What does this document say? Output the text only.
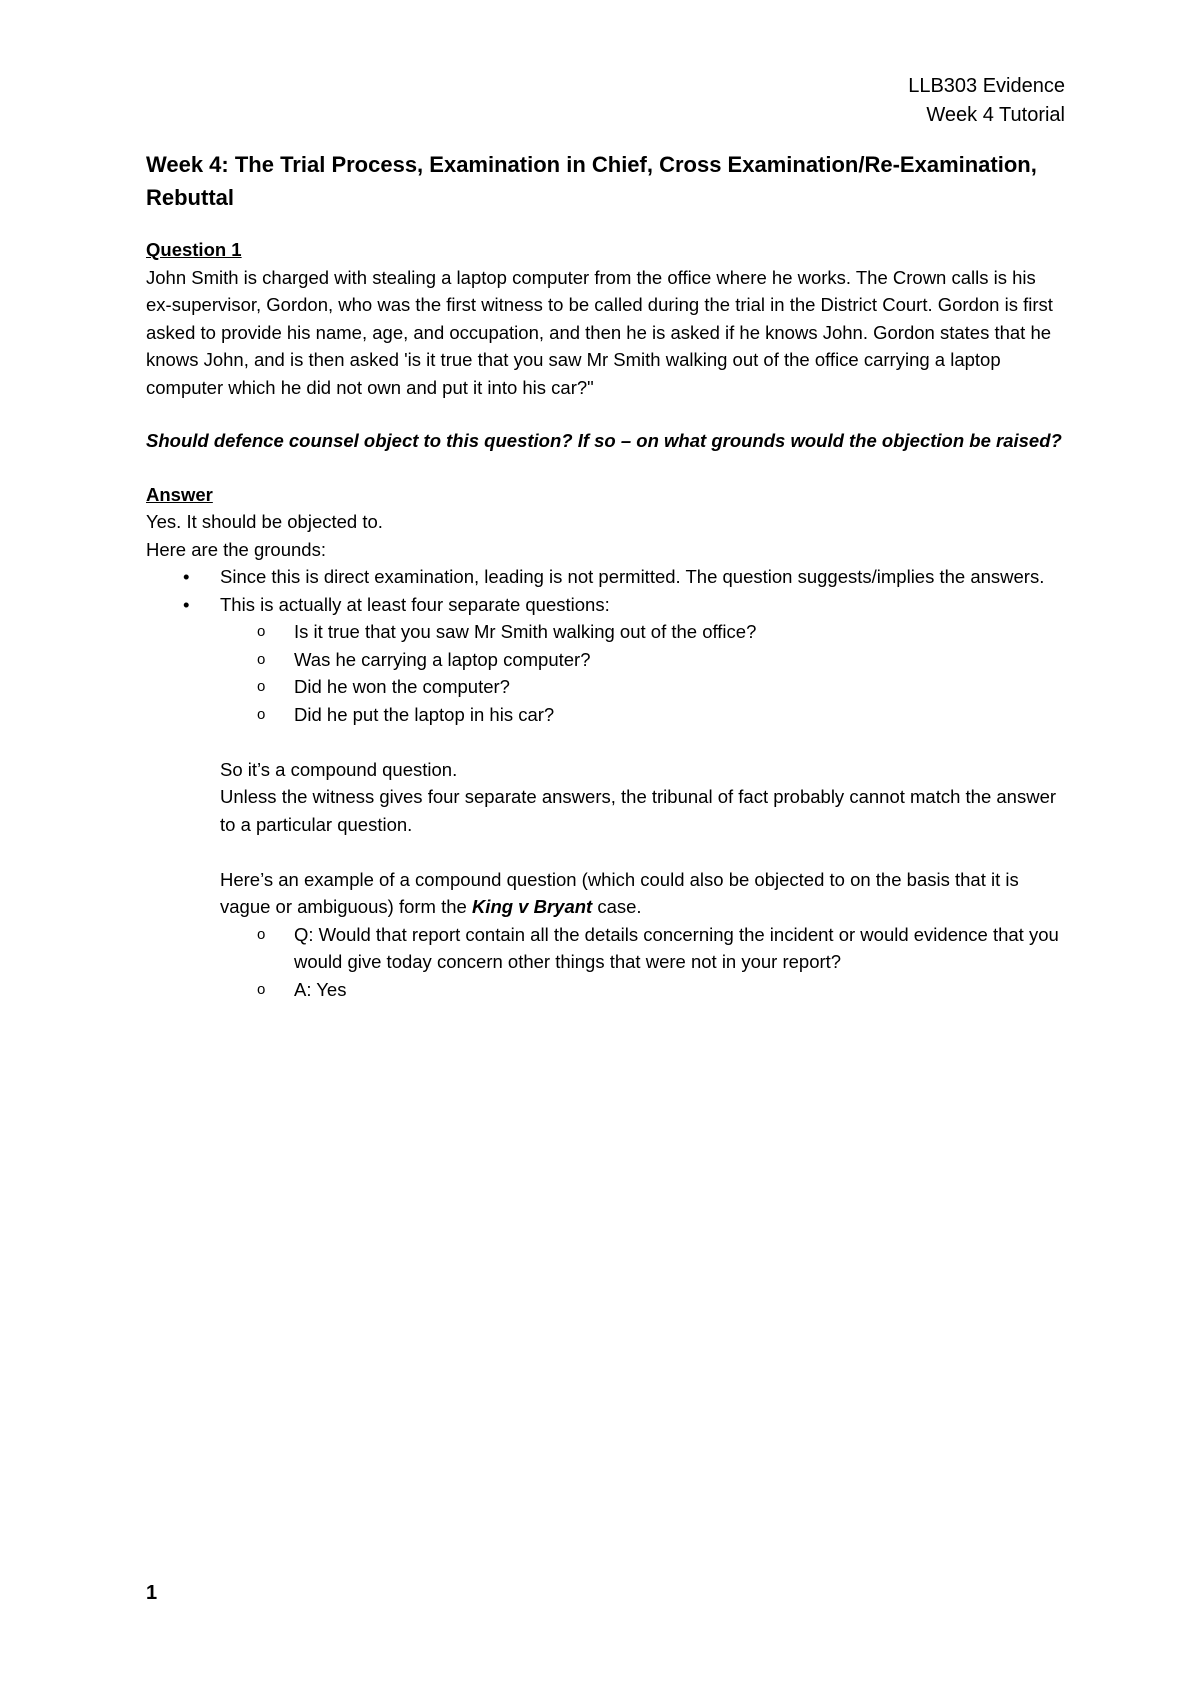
LLB303 Evidence
Week 4 Tutorial
Week 4: The Trial Process, Examination in Chief, Cross Examination/Re-Examination, Rebuttal

Question 1

John Smith is charged with stealing a laptop computer from the office where he works. The Crown calls is his ex-supervisor, Gordon, who was the first witness to be called during the trial in the District Court. Gordon is first asked to provide his name, age, and occupation, and then he is asked if he knows John. Gordon states that he knows John, and is then asked 'is it true that you saw Mr Smith walking out of the office carrying a laptop computer which he did not own and put it into his car?"

Should defence counsel object to this question? If so – on what grounds would the objection be raised?

Answer

Yes. It should be objected to.

Here are the grounds:

• Since this is direct examination, leading is not permitted. The question suggests/implies the answers.
• This is actually at least four separate questions:
o Is it true that you saw Mr Smith walking out of the office?
o Was he carrying a laptop computer?
o Did he won the computer?
o Did he put the laptop in his car?

So it’s a compound question.

Unless the witness gives four separate answers, the tribunal of fact probably cannot match the answer to a particular question.

Here’s an example of a compound question (which could also be objected to on the basis that it is vague or ambiguous) form the King v Bryant case.

o Q: Would that report contain all the details concerning the incident or would evidence that you would give today concern other things that were not in your report?
o A: Yes
1
